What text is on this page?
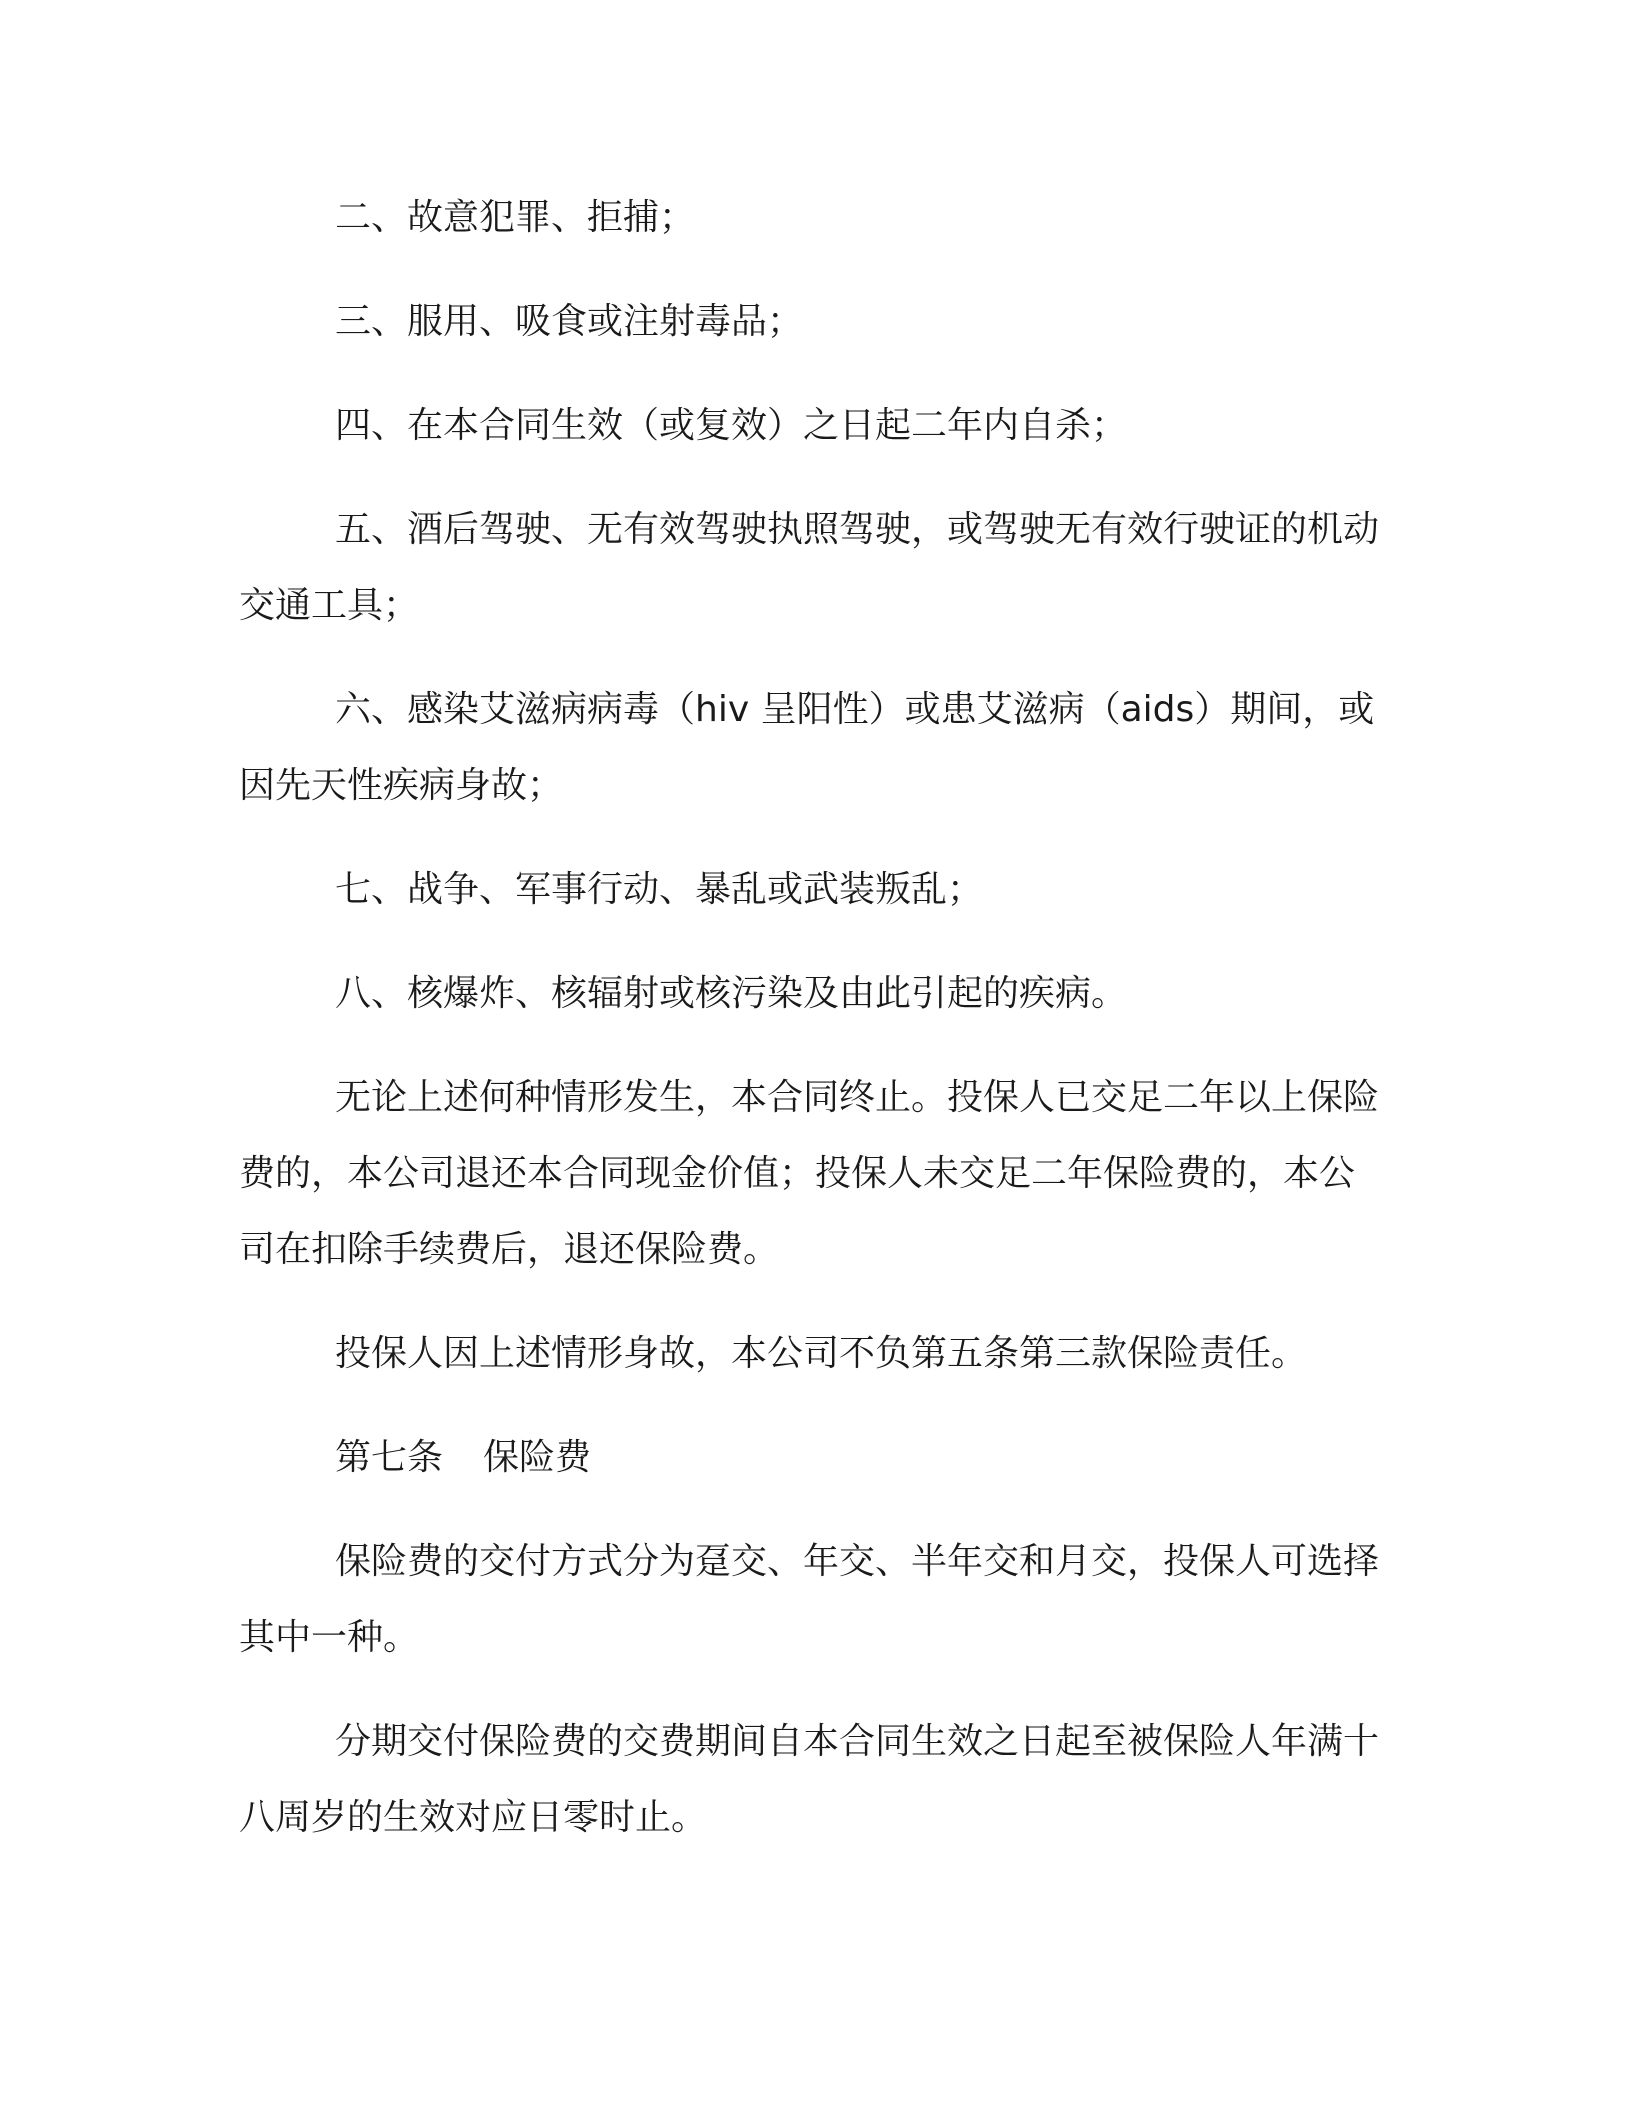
二、故意犯罪、拒捕；

三、服用、吸食或注射毒品；

四、在本合同生效（或复效）之日起二年内自杀；

五、酒后驾驶、无有效驾驶执照驾驶，或驾驶无有效行驶证的机动交通工具；

六、感染艾滋病病毒（hiv 呈阳性）或患艾滋病（aids）期间，或因先天性疾病身故；

七、战争、军事行动、暴乱或武装叛乱；

八、核爆炸、核辐射或核污染及由此引起的疾病。

无论上述何种情形发生，本合同终止。投保人已交足二年以上保险费的，本公司退还本合同现金价值；投保人未交足二年保险费的，本公司在扣除手续费后，退还保险费。

投保人因上述情形身故，本公司不负第五条第三款保险责任。

第七条 保险费

保险费的交付方式分为趸交、年交、半年交和月交，投保人可选择其中一种。

分期交付保险费的交费期间自本合同生效之日起至被保险人年满十八周岁的生效对应日零时止。
